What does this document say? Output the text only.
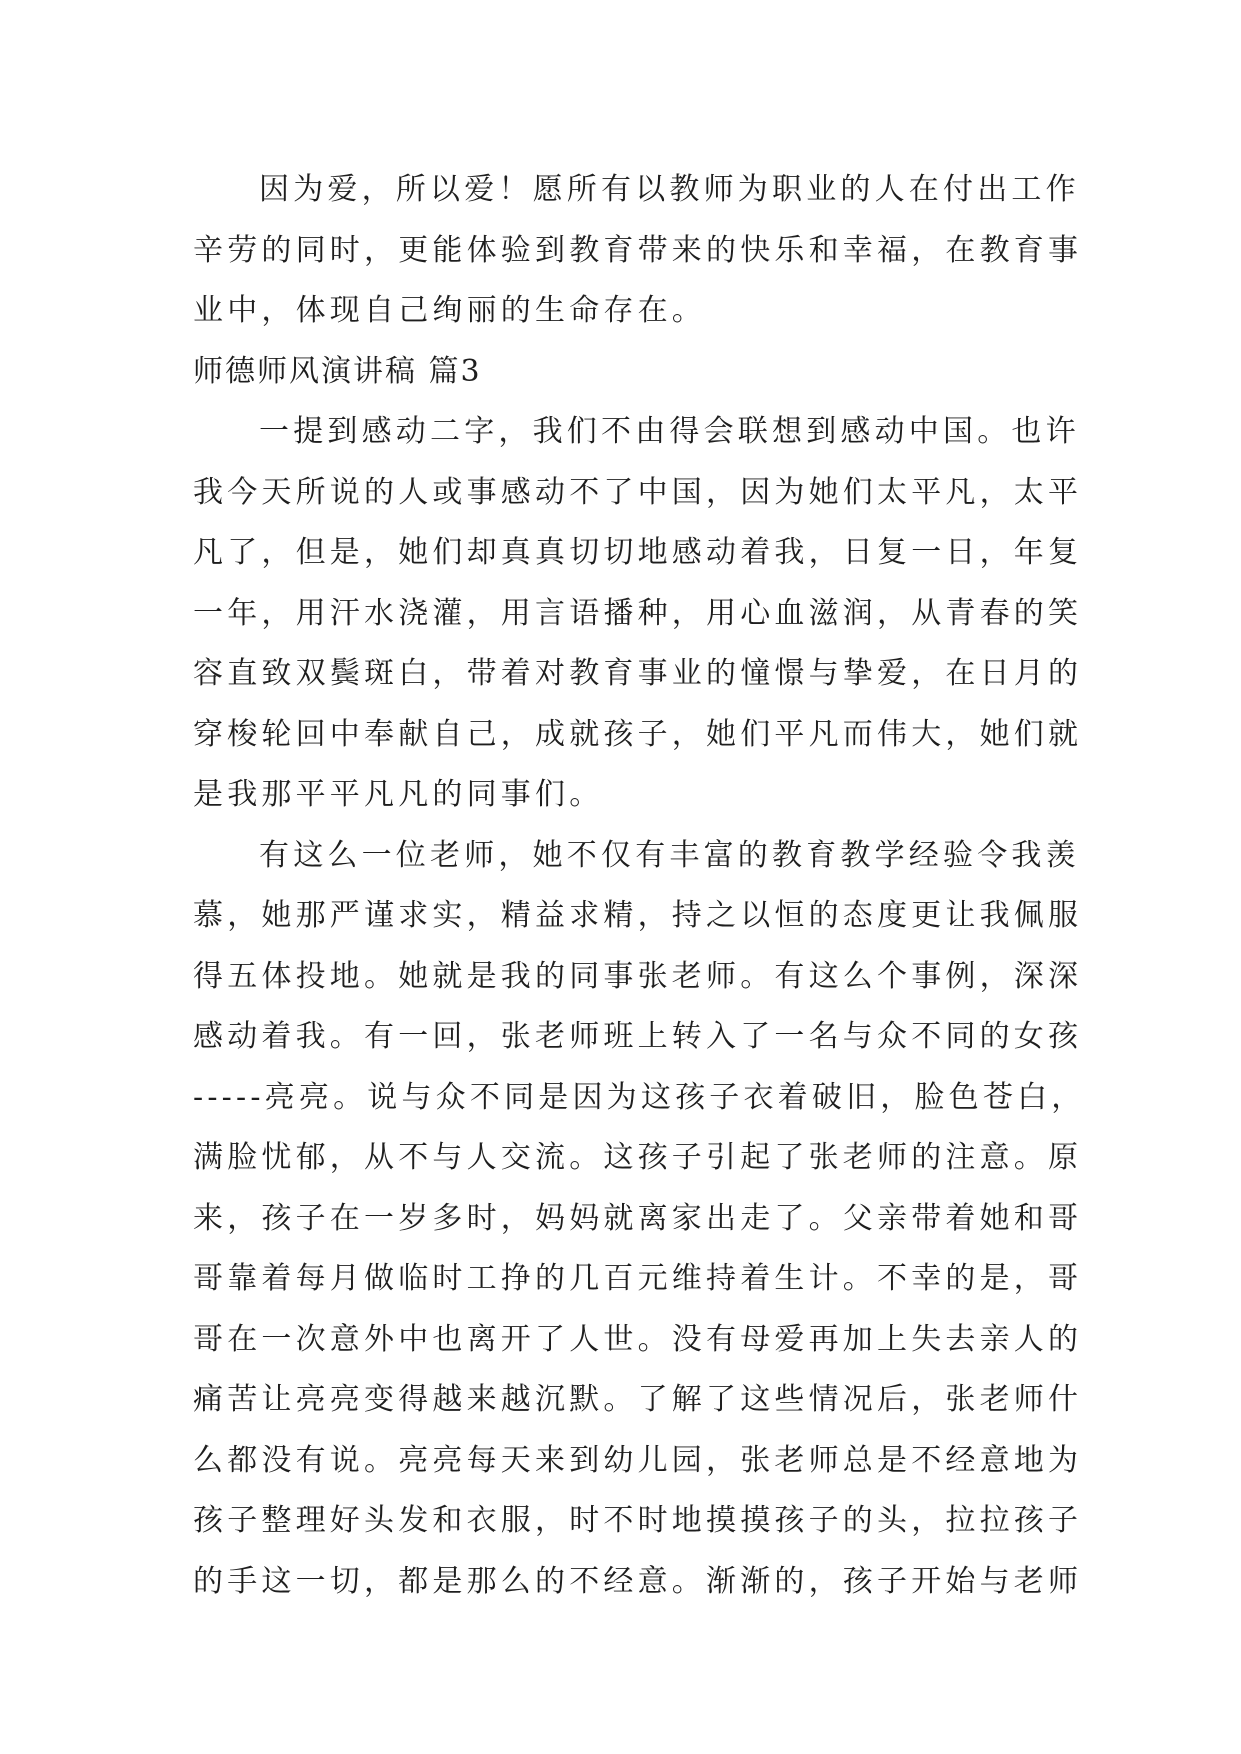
因为爱，所以爱！愿所有以教师为职业的人在付出工作
辛劳的同时，更能体验到教育带来的快乐和幸福，在教育事
业中，体现自己绚丽的生命存在。
师德师风演讲稿 篇3
一提到感动二字，我们不由得会联想到感动中国。也许
我今天所说的人或事感动不了中国，因为她们太平凡，太平
凡了，但是，她们却真真切切地感动着我，日复一日，年复
一年，用汗水浇灌，用言语播种，用心血滋润，从青春的笑
容直致双鬓斑白，带着对教育事业的憧憬与挚爱，在日月的
穿梭轮回中奉献自己，成就孩子，她们平凡而伟大，她们就
是我那平平凡凡的同事们。
有这么一位老师，她不仅有丰富的教育教学经验令我羡
慕，她那严谨求实，精益求精，持之以恒的态度更让我佩服
得五体投地。她就是我的同事张老师。有这么个事例，深深
感动着我。有一回，张老师班上转入了一名与众不同的女孩
-----亮亮。说与众不同是因为这孩子衣着破旧，脸色苍白，
满脸忧郁，从不与人交流。这孩子引起了张老师的注意。原
来，孩子在一岁多时，妈妈就离家出走了。父亲带着她和哥
哥靠着每月做临时工挣的几百元维持着生计。不幸的是，哥
哥在一次意外中也离开了人世。没有母爱再加上失去亲人的
痛苦让亮亮变得越来越沉默。了解了这些情况后，张老师什
么都没有说。亮亮每天来到幼儿园，张老师总是不经意地为
孩子整理好头发和衣服，时不时地摸摸孩子的头，拉拉孩子
的手这一切，都是那么的不经意。渐渐的，孩子开始与老师
